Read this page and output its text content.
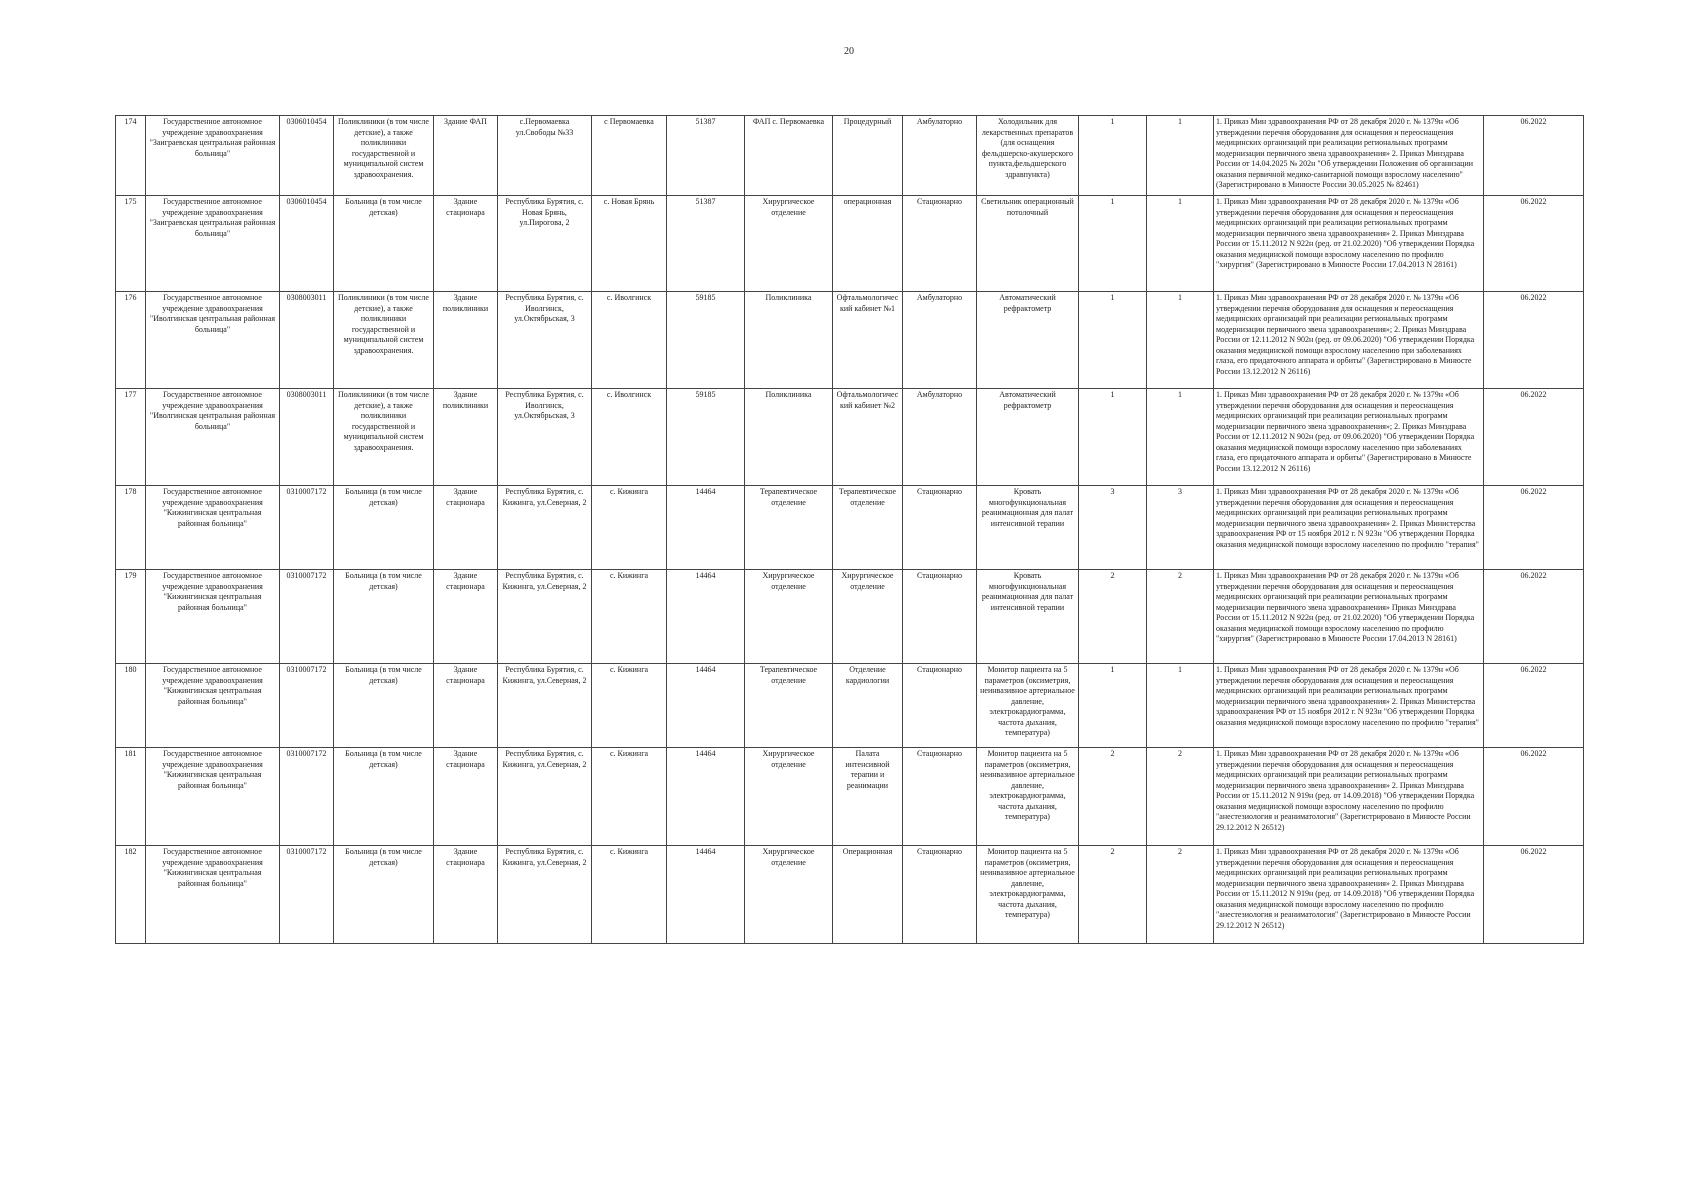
20
174	Государственное автономное учреждение здравоохранения "Заиграевская центральная районная больница"	0306010454	Поликлиники (в том числе детские), а также поликлиники государственной и муниципальной систем здравоохранения.	Здание ФАП	с.Первомаевка ул.Свободы №33	с Первомаевка	51387	ФАП с. Первомаевка	Процедурный	Амбулаторно	Холодильник для лекарственных препаратов (для оснащения фельдшерско-акушерского пункта,фельдшерского здравпункта)	1	1	1. Приказ Мин здравоохранения РФ от 28 декабря 2020 г. № 1379н «Об утверждении перечня оборудования для оснащения и переоснащения медицинских организаций при реализации региональных программ модернизации первичного звена здравоохранения» 2. Приказ Минздрава России от 14.04.2025 № 202н "Об утверждении Положения об организации оказания первичной медико-санитарной помощи взрослому населению" (Зарегистрировано в Минюсте России 30.05.2025 № 82461)	06.2022
175	Государственное автономное учреждение здравоохранения "Заиграевская центральная районная больница"	0306010454	Больница (в том числе детская)	Здание стационара	Республика Бурятия, с. Новая Брянь, ул.Пирогова, 2	с. Новая Брянь	51387	Хирургическое отделение	операционная	Стационарно	Светильник операционный потолочный	1	1	1. Приказ Мин здравоохранения РФ от 28 декабря 2020 г. № 1379н «Об утверждении перечня оборудования для оснащения и переоснащения медицинских организаций при реализации региональных программ модернизации первичного звена здравоохранения» 2. Приказ Минздрава России от 15.11.2012 N 922н (ред. от 21.02.2020) "Об утверждении Порядка оказания медицинской помощи взрослому населению по профилю "хирургия" (Зарегистрировано в Минюсте России 17.04.2013 N 28161)	06.2022
176	Государственное автономное учреждение здравоохранения "Иволгинская центральная районная больница"	0308003011	Поликлиники (в том числе детские), а также поликлиники государственной и муниципальной систем здравоохранения.	Здание поликлиники	Республика Бурятия, с. Иволгинск, ул.Октябрьская, 3	с. Иволгинск	59185	Поликлиника	Офтальмологический кабинет №1	Амбулаторно	Автоматический рефрактометр	1	1	1. Приказ Мин здравоохранения РФ от 28 декабря 2020 г. № 1379н «Об утверждении перечня оборудования для оснащения и переоснащения медицинских организаций при реализации региональных программ модернизации первичного звена здравоохранения»; 2. Приказ Минздрава России от 12.11.2012 N 902н (ред. от 09.06.2020) "Об утверждении Порядка оказания медицинской помощи взрослому населению при заболеваниях глаза, его придаточного аппарата и орбиты" (Зарегистрировано в Минюсте России 13.12.2012 N 26116)	06.2022
177	Государственное автономное учреждение здравоохранения "Иволгинская центральная районная больница"	0308003011	Поликлиники (в том числе детские), а также поликлиники государственной и муниципальной систем здравоохранения.	Здание поликлиники	Республика Бурятия, с. Иволгинск, ул.Октябрьская, 3	с. Иволгинск	59185	Поликлиника	Офтальмологический кабинет №2	Амбулаторно	Автоматический рефрактометр	1	1	1. Приказ Мин здравоохранения РФ от 28 декабря 2020 г. № 1379н «Об утверждении перечня оборудования для оснащения и переоснащения медицинских организаций при реализации региональных программ модернизации первичного звена здравоохранения»; 2. Приказ Минздрава России от 12.11.2012 N 902н (ред. от 09.06.2020) "Об утверждении Порядка оказания медицинской помощи взрослому населению при заболеваниях глаза, его придаточного аппарата и орбиты" (Зарегистрировано в Минюсте России 13.12.2012 N 26116)	06.2022
178	Государственное автономное учреждение здравоохранения "Кижингинская центральная районная больница"	0310007172	Больница (в том числе детская)	Здание стационара	Республика Бурятия, с. Кижинга, ул.Северная, 2	с. Кижинга	14464	Терапевтическое отделение	Терапевтическое отделение	Стационарно	Кровать многофункциональная реанимационная для палат интенсивной терапии	3	3	1. Приказ Мин здравоохранения РФ от 28 декабря 2020 г. № 1379н «Об утверждении перечня оборудования для оснащения и переоснащения медицинских организаций при реализации региональных программ модернизации первичного звена здравоохранения» 2. Приказ Министерства здравоохранения РФ от 15 ноября 2012 г. N 923н "Об утверждении Порядка оказания медицинской помощи взрослому населению по профилю "терапия"	06.2022
179	Государственное автономное учреждение здравоохранения "Кижингинская центральная районная больница"	0310007172	Больница (в том числе детская)	Здание стационара	Республика Бурятия, с. Кижинга, ул.Северная, 2	с. Кижинга	14464	Хирургическое отделение	Хирургическое отделение	Стационарно	Кровать многофункциональная реанимационная для палат интенсивной терапии	2	2	1. Приказ Мин здравоохранения РФ от 28 декабря 2020 г. № 1379н «Об утверждении перечня оборудования для оснащения и переоснащения медицинских организаций при реализации региональных программ модернизации первичного звена здравоохранения» Приказ Минздрава России от 15.11.2012 N 922н (ред. от 21.02.2020) "Об утверждении Порядка оказания медицинской помощи взрослому населению по профилю "хирургия" (Зарегистрировано в Минюсте России 17.04.2013 N 28161)	06.2022
180	Государственное автономное учреждение здравоохранения "Кижингинская центральная районная больница"	0310007172	Больница (в том числе детская)	Здание стационара	Республика Бурятия, с. Кижинга, ул.Северная, 2	с. Кижинга	14464	Терапевтическое отделение	Отделение кардиологии	Стационарно	Монитор пациента на 5 параметров (оксиметрия, неинвазивное артериальное давление, электрокардиограмма, частота дыхания, температура)	1	1	1. Приказ Мин здравоохранения РФ от 28 декабря 2020 г. № 1379н «Об утверждении перечня оборудования для оснащения и переоснащения медицинских организаций при реализации региональных программ модернизации первичного звена здравоохранения» 2. Приказ Министерства здравоохранения РФ от 15 ноября 2012 г. N 923н "Об утверждении Порядка оказания медицинской помощи взрослому населению по профилю "терапия"	06.2022
181	Государственное автономное учреждение здравоохранения "Кижингинская центральная районная больница"	0310007172	Больница (в том числе детская)	Здание стационара	Республика Бурятия, с. Кижинга, ул.Северная, 2	с. Кижинга	14464	Хирургическое отделение	Палата интенсивной терапии и реанимации	Стационарно	Монитор пациента на 5 параметров (оксиметрия, неинвазивное артериальное давление, электрокардиограмма, частота дыхания, температура)	2	2	1. Приказ Мин здравоохранения РФ от 28 декабря 2020 г. № 1379н «Об утверждении перечня оборудования для оснащения и переоснащения медицинских организаций при реализации региональных программ модернизации первичного звена здравоохранения» 2. Приказ Минздрава России от 15.11.2012 N 919н (ред. от 14.09.2018) "Об утверждении Порядка оказания медицинской помощи взрослому населению по профилю "анестезиология и реаниматология" (Зарегистрировано в Минюсте России 29.12.2012 N 26512)	06.2022
182	Государственное автономное учреждение здравоохранения "Кижингинская центральная районная больница"	0310007172	Больница (в том числе детская)	Здание стационара	Республика Бурятия, с. Кижинга, ул.Северная, 2	с. Кижинга	14464	Хирургическое отделение	Операционная	Стационарно	Монитор пациента на 5 параметров (оксиметрия, неинвазивное артериальное давление, электрокардиограмма, частота дыхания, температура)	2	2	1. Приказ Мин здравоохранения РФ от 28 декабря 2020 г. № 1379н «Об утверждении перечня оборудования для оснащения и переоснащения медицинских организаций при реализации региональных программ модернизации первичного звена здравоохранения» 2. Приказ Минздрава России от 15.11.2012 N 919н (ред. от 14.09.2018) "Об утверждении Порядка оказания медицинской помощи взрослому населению по профилю "анестезиология и реаниматология" (Зарегистрировано в Минюсте России 29.12.2012 N 26512)	06.2022
